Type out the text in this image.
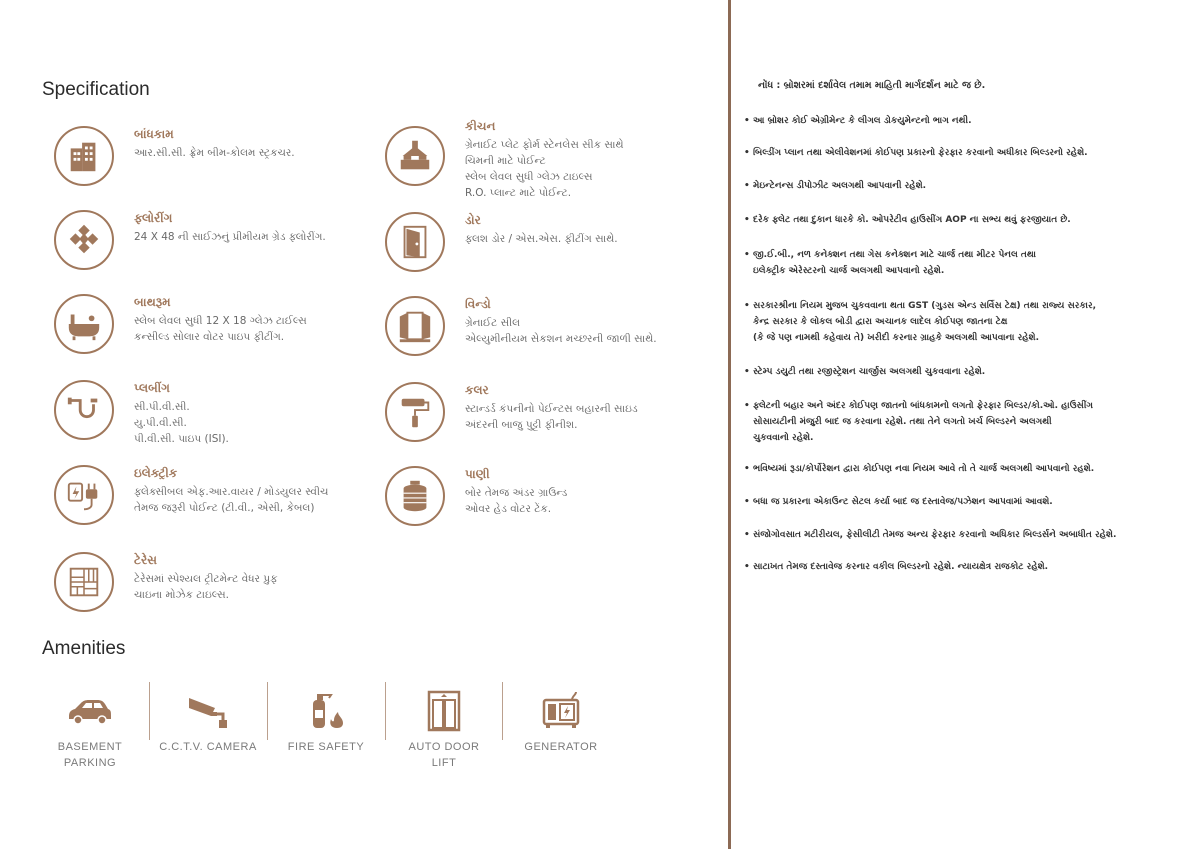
Specification
બાંધકામ
આર.સી.સી. ફ્રેમ બીમ-કોલમ સ્ટ્રકચર.
કીચન
ગ્રેનાઈટ પ્લેટ ફોર્મ સ્ટેનલેસ સીક સાથે
ચિમની માટે પોઈન્ટ
સ્લેબ લેવલ સુધી ગ્લેઝ ટાઇલ્સ
R.O. પ્લાન્ટ માટે પોઈન્ટ.
ફ્લોરીંગ
24 X 48 ની સાઈઝનું પ્રીમીયમ ગ્રેડ ફ્લોરીંગ.
ડોર
ફ્લશ ડોર / એસ.એસ. ફીટીંગ સાથે.
બાથરૂમ
સ્લેબ લેવલ સુધી 12 X 18 ગ્લેઝ ટાઈલ્સ
કન્સીલ્ડ સોલાર વોટર પાઇપ ફીટીંગ.
વિન્ડો
ગ્રેનાઈટ સીલ
એલ્યુમીનીયમ સેકશન મચ્છરની જાળી સાથે.
પ્લબીંગ
સી.પી.વી.સી.
યુ.પી.વી.સી.
પી.વી.સી. પાઇપ (ISI).
કલર
સ્ટાન્ડર્ડ કંપનીનો પેઈન્ટસ બહારની સાઇડ
અંદરની બાજુ પુટ્ટી ફીનીશ.
ઇલેક્ટ્રીક
ફ્લેક્સીબલ એફ.આર.વાયર / મોડયુલર સ્વીચ
તેમજ જરૂરી પોઈન્ટ (ટી.વી., એસી, કેબલ)
પાણી
બોર તેમજ અંડર ગ્રાઉન્ડ
ઓવર હેડ વોટર ટેંક.
ટેરેસ
ટેરેસમાં સ્પેશ્યલ ટ્રીટમેન્ટ વેધર પ્રુફ
ચાઇના મોઝેક ટાઇલ્સ.
Amenities
BASEMENT
PARKING
C.C.T.V. CAMERA	FIRE SAFETY	AUTO DOOR
LIFT
GENERATOR
નોંધ : બ્રોશરમાં દર્શાવેલ તમામ માહિતી માર્ગદર્શન માટે જ છે.
• આ બ્રોશર કોઈ એગ્રીમેન્ટ કે લીગલ ડોકયુમેન્ટનો ભાગ નથી.
• બિલ્ડીંગ પ્લાન તથા એલીવેશનમાં કોઈપણ પ્રકારનો ફેરફાર કરવાનો અધીકાર બિલ્ડરનો રહેશે.
• મેઇન્ટેનન્સ ડીપોઝીટ અલગથી આપવાની રહેશે.
• દરેક ફ્લેટ તથા દુકાન ધારકે કો. ઓપરેટીવ હાઉસીંગ AOP ના સભ્ય થવું ફરજીયાત છે.
• જી.ઈ.બી., નળ કનેક્શન તથા ગેસ કનેક્શન માટે ચાર્જ તથા મીટર પેનલ તથા
ઇલેક્ટ્રીક એરેસ્ટરનો ચાર્જ અલગથી આપવાનો રહેશે.
• સરકારશ્રીના નિયમ મુજબ ચુકવવાના થતા GST (ગુડસ એન્ડ સર્વિસ ટેક્ષ) તથા રાજ્ય સરકાર,
કેન્દ્ર સરકાર કે લોકલ બોડી દ્વારા અચાનક લાદેલ કોઈપણ જાતના ટેક્ષ
(કે જે પણ નામથી કહેવાય તે) ખરીદી કરનાર ગ્રાહકે અલગથી આપવાના રહેશે.
• સ્ટેમ્પ ડયુટી તથા રજીસ્ટ્રેશન ચાર્જીસ અલગથી ચુકવવાના રહેશે.
• ફ્લેટની બહાર અને અંદર કોઈપણ જાતનો બાંધકામનો લગતો ફેરફાર બિલ્ડર/કો.ઓ. હાઉસીંગ
સોસાયટીની મંજુરી બાદ જ કરવાના રહેશે. તથા તેને લગતો ખર્ચ બિલ્ડરને અલગથી
ચુકવવાનો રહેશે.
• ભવિષ્યમાં રૂડા/કોર્પોરેશન દ્વારા કોઈપણ નવા નિયમ આવે તો તે ચાર્જ અલગથી આપવાનો રહશે.
• બધા જ પ્રકારના એકાઉન્ટ સેટલ કર્યા બાદ જ દસ્તાવેજ/પઝેશન આપવામાં આવશે.
• સંજોગોવસાત મટીરીયલ, ફેસીલીટી તેમજ અન્ય ફેરફાર કરવાનો અધિકાર બિલ્ડર્સને અબાધીત રહેશે.
• સાટાખત તેમજ દસ્તાવેજ કરનાર વકીલ બિલ્ડરનો રહેશે. ન્યાયક્ષેત્ર રાજકોટ રહેશે.
